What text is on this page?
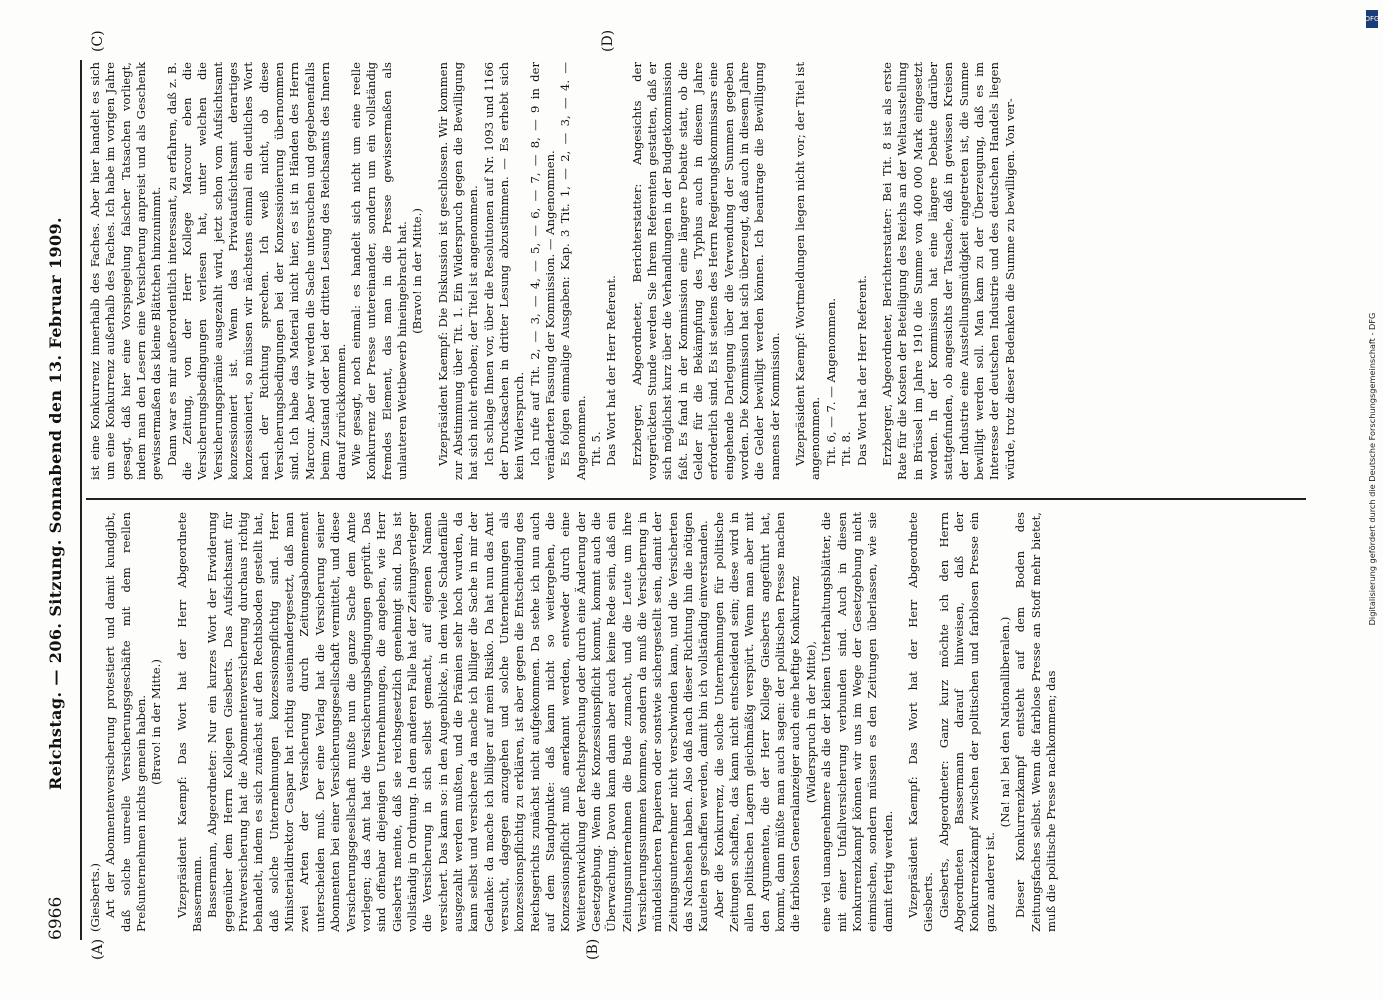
6966
Reichstag. — 206. Sitzung. Sonnabend den 13. Februar 1909.
(A)	(B)
(C)	(D)

(Giesberts.) Art der Abonnentenversicherung protestiert und damit kundgibt, daß solche unreelle Versicherungsgeschäfte mit dem reellen Preßunternehmen nichts gemein haben. (Bravo! in der Mitte.) Vizepräsident Kaempf: Das Wort hat der Herr Abgeordnete Bassermann. Bassermann, Abgeordneter: Nur ein kurzes Wort der Erwiderung gegenüber dem Herrn Kollegen Giesberts. Das Aufsichtsamt für Privatversicherung hat die Abonnentenversicherung durchaus richtig behandelt, indem es sich zunächst auf den Rechtsboden gestellt hat, daß solche Unternehmungen konzessionspflichtig sind. Herr Ministerialdirektor Caspar hat richtig auseinandergesetzt, daß man zwei Arten der Versicherung durch Zeitungsabonnement unterscheiden muß. Der eine Verlag hat die Versicherung seiner Abonnenten bei einer Versicherungsgesellschaft vermittelt, und diese Versicherungsgesellschaft mußte nun die ganze Sache dem Amte vorlegen; das Amt hat die Versicherungsbedingungen geprüft. Das sind offenbar diejenigen Unternehmungen, die angeben, wie Herr Giesberts meinte, daß sie reichsgesetzlich genehmigt sind. Das ist vollständig in Ordnung. In dem anderen Falle hat der Zeitungsverleger die Versicherung in sich selbst gemacht, auf eigenen Namen versichert. Das kann so: in den Augenblicke, in dem viele Schadenfälle ausgezahlt werden mußten, und die Prämien sehr hoch wurden, da kann selbst und versichere da mache ich billiger die Sache in mir der Gedanke: da mache ich billiger auf mein Risiko. Da hat nun das Amt versucht, dagegen anzugehen und solche Unternehmungen als konzessionspflichtig zu erklären, ist aber gegen die Entscheidung des Reichsgerichts zunächst nicht aufgekommen. Da stehe ich nun auch auf dem Standpunkte: daß kann nicht so weitergehen, die Konzessionspflicht muß anerkannt werden, entweder durch eine Weiterentwicklung der Rechtsprechung oder durch eine Änderung der Gesetzgebung. Wenn die Konzessionspflicht kommt, kommt auch die Überwachung. Davon kann dann aber auch keine Rede sein, daß ein Zeitungsunternehmen die Bude zumacht, und die Leute um ihre Versicherungssummen kommen, sondern da muß die Versicherung in mündelsicheren Papieren oder sonstwie sichergestellt sein, damit der Zeitungsunternehmer nicht verschwinden kann, und die Versicherten das Nachsehen haben. Also daß nach dieser Richtung hin die nötigen Kautelen geschaffen werden, damit bin ich vollständig einverstanden. Aber die Konkurrenz, die solche Unternehmungen für politische Zeitungen schaffen, das kann nicht entscheidend sein; diese wird in allen politischen Lagern gleichmäßig verspürt. Wenn man aber mit den Argumenten, die der Herr Kollege Giesberts angeführt hat, kommt, dann müßte man auch sagen: der politischen Presse machen die farblosen Generalanzeiger auch eine heftige Konkurrenz (Widerspruch in der Mitte), eine viel unangenehmere als die der kleinen Unterhaltungsblätter, die mit einer Unfallversicherung verbunden sind. Auch in diesen Konkurrenzkampf können wir uns im Wege der Gesetzgebung nicht einmischen, sondern müssen es den Zeitungen überlassen, wie sie damit fertig werden. Vizepräsident Kaempf: Das Wort hat der Herr Abgeordnete Giesberts. Giesberts, Abgeordneter: Ganz kurz möchte ich den Herrn Abgeordneten Bassermann darauf hinweisen, daß der Konkurrenzkampf zwischen der politischen und farblosen Presse ein ganz anderer ist.

(Na! na! bei den Nationalliberalen.) Dieser Konkurrenzkampf entsteht auf dem Boden des Zeitungsfaches selbst. Wenn die farblose Presse an Stoff mehr bietet, muß die politische Presse nachkommen; das

ist eine Konkurrenz innerhalb des Faches. Aber hier handelt es sich um eine Konkurrenz außerhalb des Faches. Ich habe im vorigen Jahre gesagt, daß hier eine Vorspiegelung falscher Tatsachen vorliegt, indem man den Lesern eine Versicherung anpreist und als Geschenk gewissermaßen das kleine Blättchen hinzunimmt. Dann war es mir außerordentlich interessant, zu erfahren, daß z. B. die Zeitung, von der Herr Kollege Marcour eben die Versicherungsbedingungen verlesen hat, unter welchen die Versicherungsprämie ausgezahlt wird, jetzt schon vom Aufsichtsamt konzessioniert ist. Wenn das Privataufsichtsamt derartiges konzessioniert, so müssen wir nächstens einmal ein deutliches Wort nach der Richtung sprechen. Ich weiß nicht, ob diese Versicherungsbedingungen bei der Konzessionierung übernommen sind. Ich habe das Material nicht hier, es ist in Händen des Herrn Marcour. Aber wir werden die Sache untersuchen und gegebenenfalls beim Zustand oder bei der dritten Lesung des Reichsamts des Innern darauf zurückkommen. Wie gesagt, noch einmal: es handelt sich nicht um eine reelle Konkurrenz der Presse untereinander, sondern um ein vollständig fremdes Element, das man in die Presse gewissermaßen als unlauteren Wettbewerb hineingebracht hat. (Bravo! in der Mitte.) Vizepräsident Kaempf: Die Diskussion ist geschlossen. Wir kommen zur Abstimmung über Tit. 1. Ein Widerspruch gegen die Bewilligung hat sich nicht erhoben; der Titel ist angenommen. Ich schlage Ihnen vor, über die Resolutionen auf Nr. 1093 und 1166 der Drucksachen in dritter Lesung abzustimmen. — Es erhebt sich kein Widerspruch. Ich rufe auf Tit. 2, — 3, — 4, — 5, — 6, — 7, — 8, — 9 in der veränderten Fassung der Kommission. — Angenommen. Es folgen einmalige Ausgaben: Kap. 3 Tit. 1, — 2, — 3, — 4. — Angenommen. Tit. 5. Das Wort hat der Herr Referent. Erzberger, Abgeordneter, Berichterstatter: Angesichts der vorgerückten Stunde werden Sie Ihrem Referenten gestatten, daß er sich möglichst kurz über die Verhandlungen in der Budgetkommission faßt. Es fand in der Kommission eine längere Debatte statt, ob die Gelder für die Bekämpfung des Typhus auch in diesem Jahre erforderlich sind. Es ist seitens des Herrn Regierungskommissars eine eingehende Darlegung über die Verwendung der Summen gegeben worden. Die Kommission hat sich überzeugt, daß auch in diesem Jahre die Gelder bewilligt werden können. Ich beantrage die Bewilligung namens der Kommission. Vizepräsident Kaempf: Wortmeldungen liegen nicht vor; der Titel ist angenommen. Tit. 6, — 7. — Angenommen. Tit. 8. Das Wort hat der Herr Referent. Erzberger, Abgeordneter, Berichterstatter: Bei Tit. 8 ist als erste Rate für die Kosten der Beteiligung des Reichs an der Weltausstellung in Brüssel im Jahre 1910 die Summe von 400 000 Mark eingesetzt worden. In der Kommission hat eine längere Debatte darüber stattgefunden, ob angesichts der Tatsache, daß in gewissen Kreisen der Industrie eine Ausstellungsmüdigkeit eingetreten ist, die Summe bewilligt werden soll. Man kam zu der Überzeugung, daß es im Interesse der deutschen Industrie und des deutschen Handels liegen würde, trotz dieser Bedenken die Summe zu bewilligen. Von ver-

DFG
Digitalisierung gefördert durch die Deutsche Forschungsgemeinschaft - DFG
